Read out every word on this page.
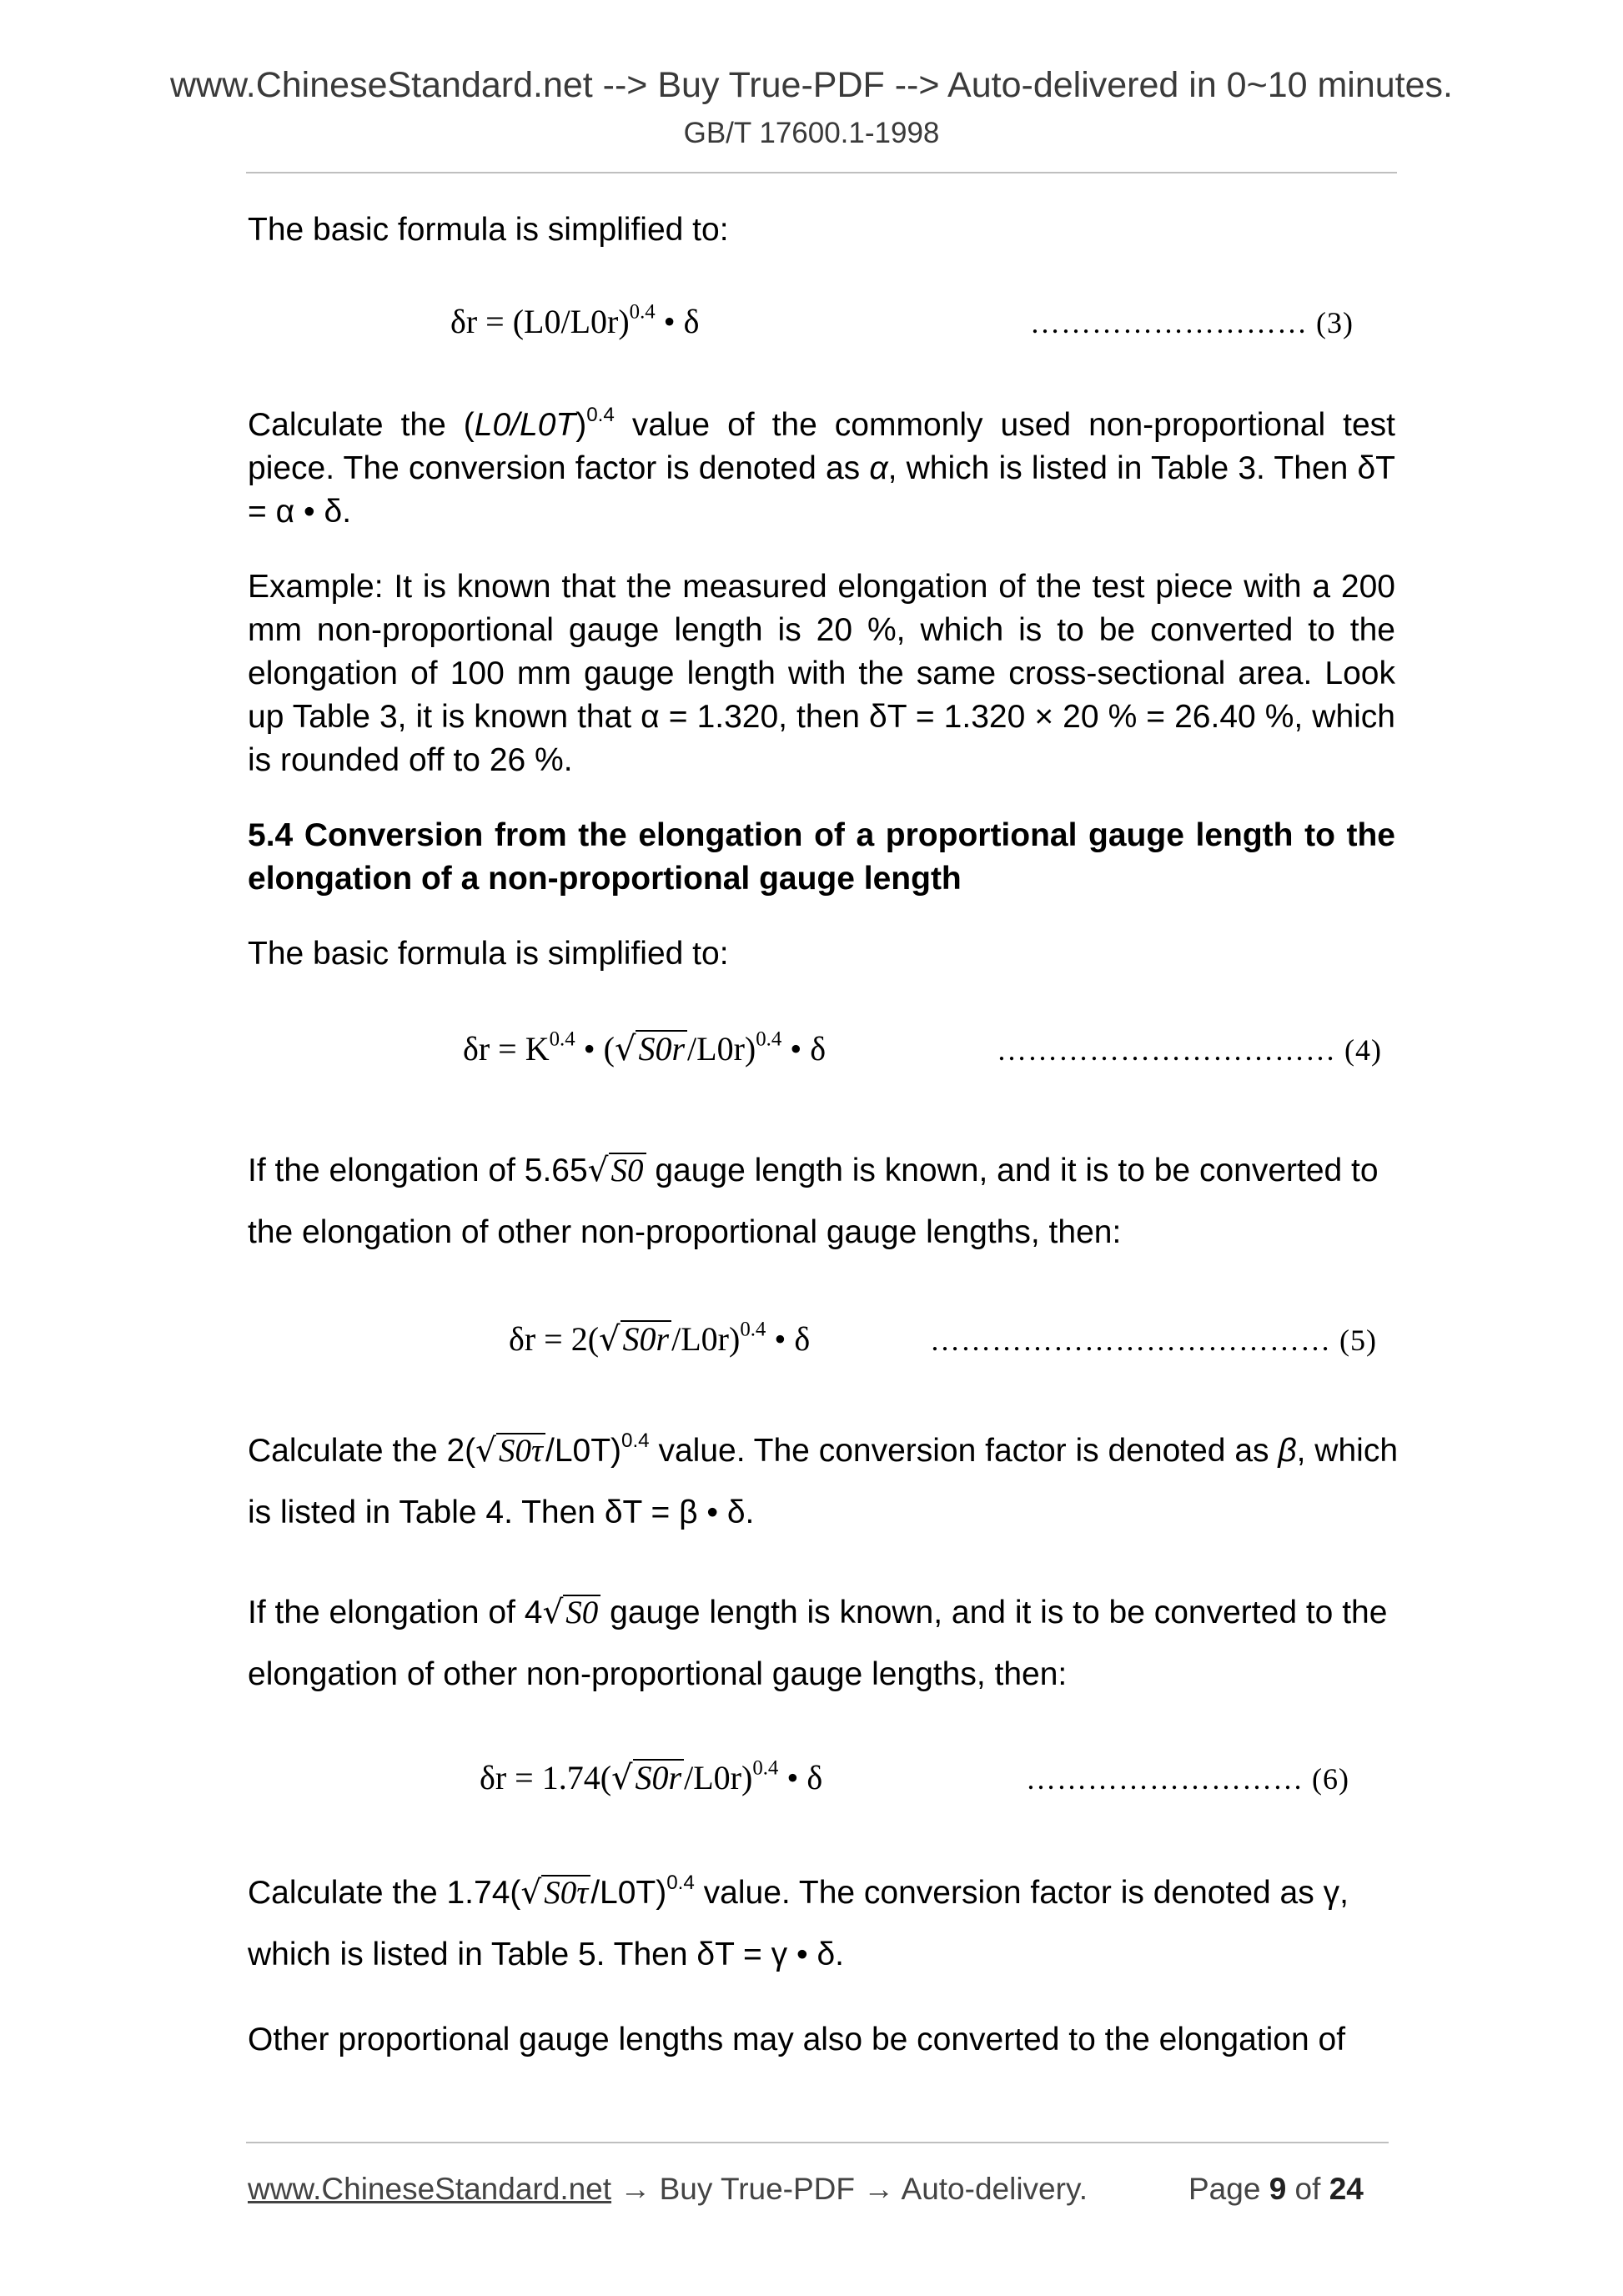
www.ChineseStandard.net --> Buy True-PDF --> Auto-delivered in 0~10 minutes.
GB/T 17600.1-1998
The basic formula is simplified to:
$\delta r = (L0/L0r)^{0.4}$ • δ	……………………… (3)
Calculate the $(L0/L0T)^{0.4}$ value of the commonly used non-proportional test piece. The conversion factor is denoted as α, which is listed in Table 3. Then δT = α • δ.
Example: It is known that the measured elongation of the test piece with a 200 mm non-proportional gauge length is 20 %, which is to be converted to the elongation of 100 mm gauge length with the same cross-sectional area. Look up Table 3, it is known that α = 1.320, then δT = 1.320 × 20 % = 26.40 %, which is rounded off to 26 %.
5.4 Conversion from the elongation of a proportional gauge length to the elongation of a non-proportional gauge length
The basic formula is simplified to:
$\delta r = K^{0.4}$ • $(√S0r/L0r)^{0.4}$ • δ	…………………………… (4)
If the elongation of 5.65√S0 gauge length is known, and it is to be converted to
the elongation of other non-proportional gauge lengths, then:
$\delta r = 2(√S0r/L0r)^{0.4}$ • δ	………………………………… (5)
Calculate the $2(√S0\tau/L0T)^{0.4}$ value. The conversion factor is denoted as β, which
is listed in Table 4. Then δT = β • δ.
If the elongation of 4√S0 gauge length is known, and it is to be converted to the
elongation of other non-proportional gauge lengths, then:
$\delta r = 1.74(√S0r/L0r)^{0.4}$ • δ	……………………… (6)
Calculate the $1.74(√S0\tau/L0T)^{0.4}$ value. The conversion factor is denoted as γ,
which is listed in Table 5. Then δT = γ • δ.
Other proportional gauge lengths may also be converted to the elongation of
www.ChineseStandard.net → Buy True-PDF → Auto-delivery.	Page 9 of 24
